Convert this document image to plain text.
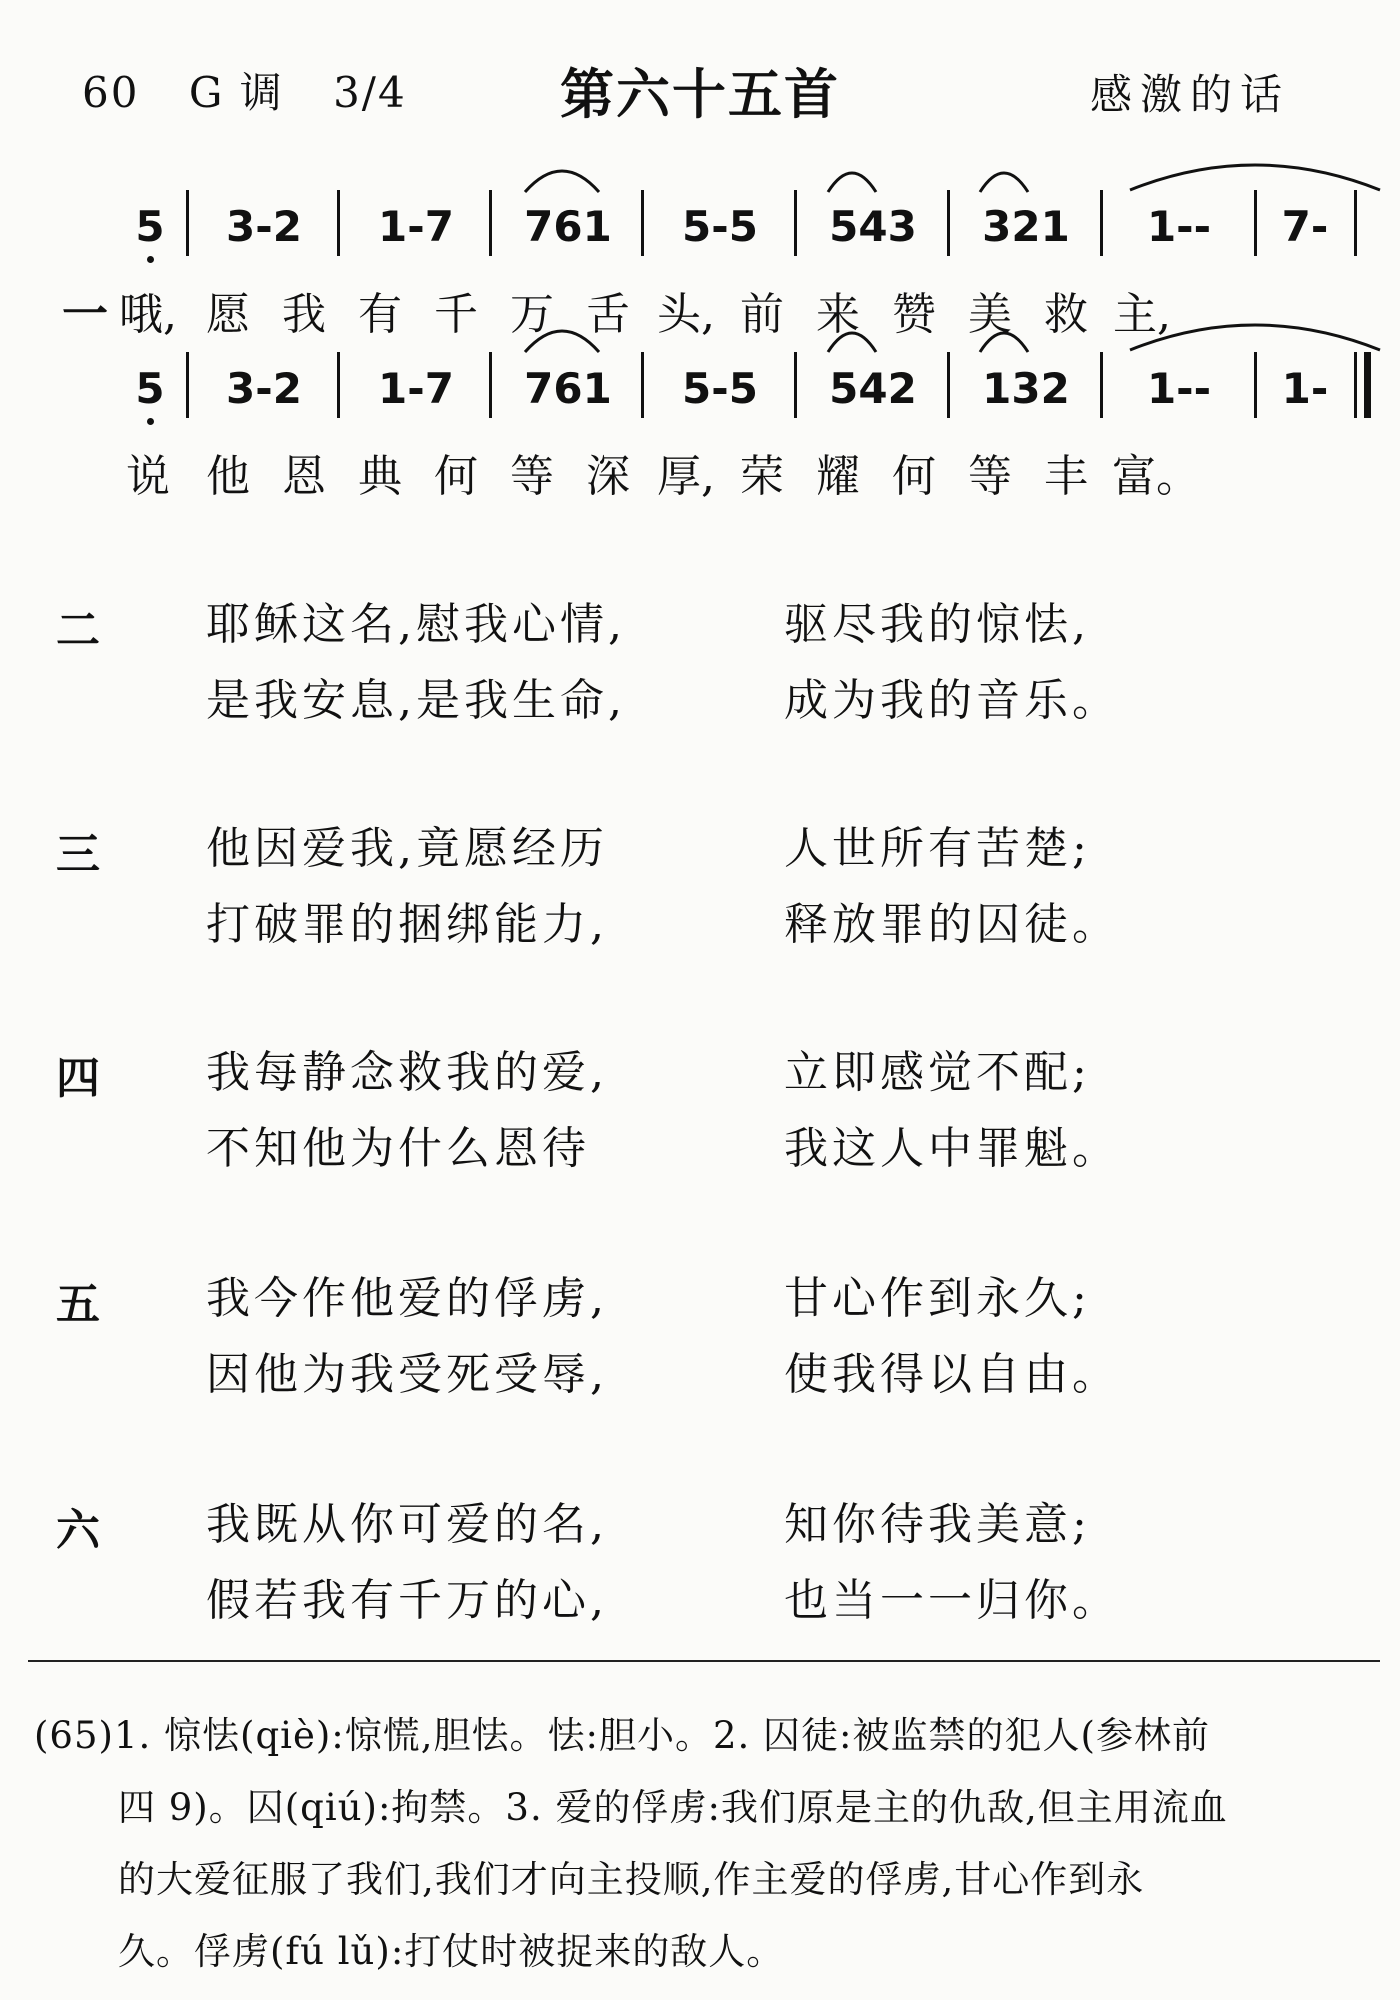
60 G 调 3/4	第六十五首	感激的话
5	3-2	1-7	761	5-5	543	321	1--	7-
一 哦, 愿 我 有 千 万 舌 头, 前 来 赞 美 救 主,
5	3-2	1-7	761	5-5	542	132	1--	1-
说 他 恩 典 何 等 深 厚, 荣 耀 何 等 丰 富。
二 耶稣这名,慰我心情,	驱尽我的惊怯,
是我安息,是我生命,	成为我的音乐。
三 他因爱我,竟愿经历	人世所有苦楚;
打破罪的捆绑能力,	释放罪的囚徒。
四 我每静念救我的爱,	立即感觉不配;
不知他为什么恩待	我这人中罪魁。
五 我今作他爱的俘虏,	甘心作到永久;
因他为我受死受辱,	使我得以自由。
六 我既从你可爱的名,	知你待我美意;
假若我有千万的心,	也当一一归你。
(65)1. 惊怯(qiè):惊慌,胆怯。怯:胆小。2. 囚徒:被监禁的犯人(参林前
四 9)。囚(qiú):拘禁。3. 爱的俘虏:我们原是主的仇敌,但主用流血
的大爱征服了我们,我们才向主投顺,作主爱的俘虏,甘心作到永
久。俘虏(fú lǔ):打仗时被捉来的敌人。
